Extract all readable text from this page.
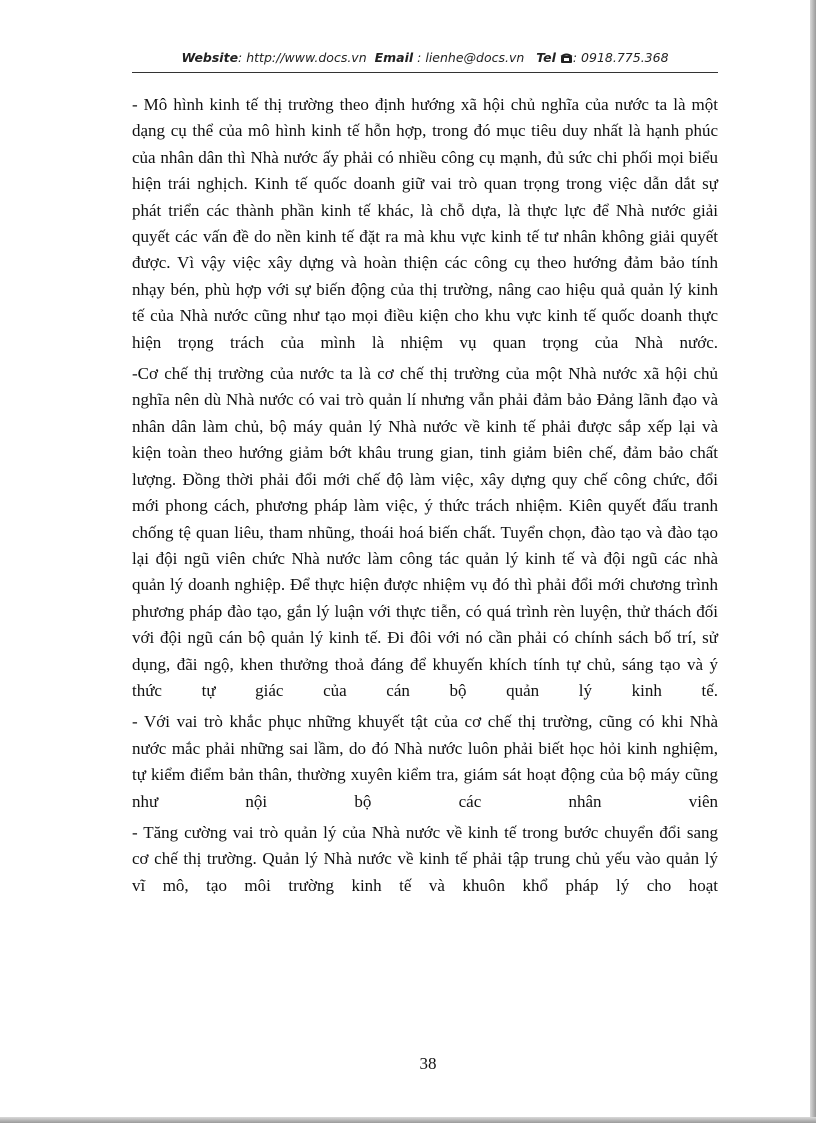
Website: http://www.docs.vn Email : lienhe@docs.vn Tel : 0918.775.368

- Mô hình kinh tế thị trường theo định hướng xã hội chủ nghĩa của nước ta là một dạng cụ thể của mô hình kinh tế hỗn hợp, trong đó mục tiêu duy nhất là hạnh phúc của nhân dân thì Nhà nước ấy phải có nhiều công cụ mạnh, đủ sức chi phối mọi biểu hiện trái nghịch. Kinh tế quốc doanh giữ vai trò quan trọng trong việc dẫn dắt sự phát triển các thành phần kinh tế khác, là chỗ dựa, là thực lực để Nhà nước giải quyết các vấn đề do nền kinh tế đặt ra mà khu vực kinh tế tư nhân không giải quyết được. Vì vậy việc xây dựng và hoàn thiện các công cụ theo hướng đảm bảo tính nhạy bén, phù hợp với sự biến động của thị trường, nâng cao hiệu quả quản lý kinh tế của Nhà nước cũng như tạo mọi điều kiện cho khu vực kinh tế quốc doanh thực hiện trọng trách của mình là nhiệm vụ quan trọng của Nhà nước.

-Cơ chế thị trường của nước ta là cơ chế thị trường của một Nhà nước xã hội chủ nghĩa nên dù Nhà nước có vai trò quản lí nhưng vẫn phải đảm bảo Đảng lãnh đạo và nhân dân làm chủ, bộ máy quản lý Nhà nước về kinh tế phải được sắp xếp lại và kiện toàn theo hướng giảm bớt khâu trung gian, tinh giảm biên chế, đảm bảo chất lượng. Đồng thời phải đổi mới chế độ làm việc, xây dựng quy chế công chức, đổi mới phong cách, phương pháp làm việc, ý thức trách nhiệm. Kiên quyết đấu tranh chống tệ quan liêu, tham nhũng, thoái hoá biến chất. Tuyển chọn, đào tạo và đào tạo lại đội ngũ viên chức Nhà nước làm công tác quản lý kinh tế và đội ngũ các nhà quản lý doanh nghiệp. Để thực hiện được nhiệm vụ đó thì phải đổi mới chương trình phương pháp đào tạo, gắn lý luận với thực tiễn, có quá trình rèn luyện, thử thách đối với đội ngũ cán bộ quản lý kinh tế. Đi đôi với nó cần phải có chính sách bố trí, sử dụng, đãi ngộ, khen thưởng thoả đáng để khuyến khích tính tự chủ, sáng tạo và ý thức tự giác của cán bộ quản lý kinh tế.

- Với vai trò khắc phục những khuyết tật của cơ chế thị trường, cũng có khi Nhà nước mắc phải những sai lầm, do đó Nhà nước luôn phải biết học hỏi kinh nghiệm, tự kiểm điểm bản thân, thường xuyên kiểm tra, giám sát hoạt động của bộ máy cũng như nội bộ các nhân viên

- Tăng cường vai trò quản lý của Nhà nước về kinh tế trong bước chuyển đổi sang cơ chế thị trường. Quản lý Nhà nước về kinh tế phải tập trung chủ yếu vào quản lý vĩ mô, tạo môi trường kinh tế và khuôn khổ pháp lý cho hoạt

38
